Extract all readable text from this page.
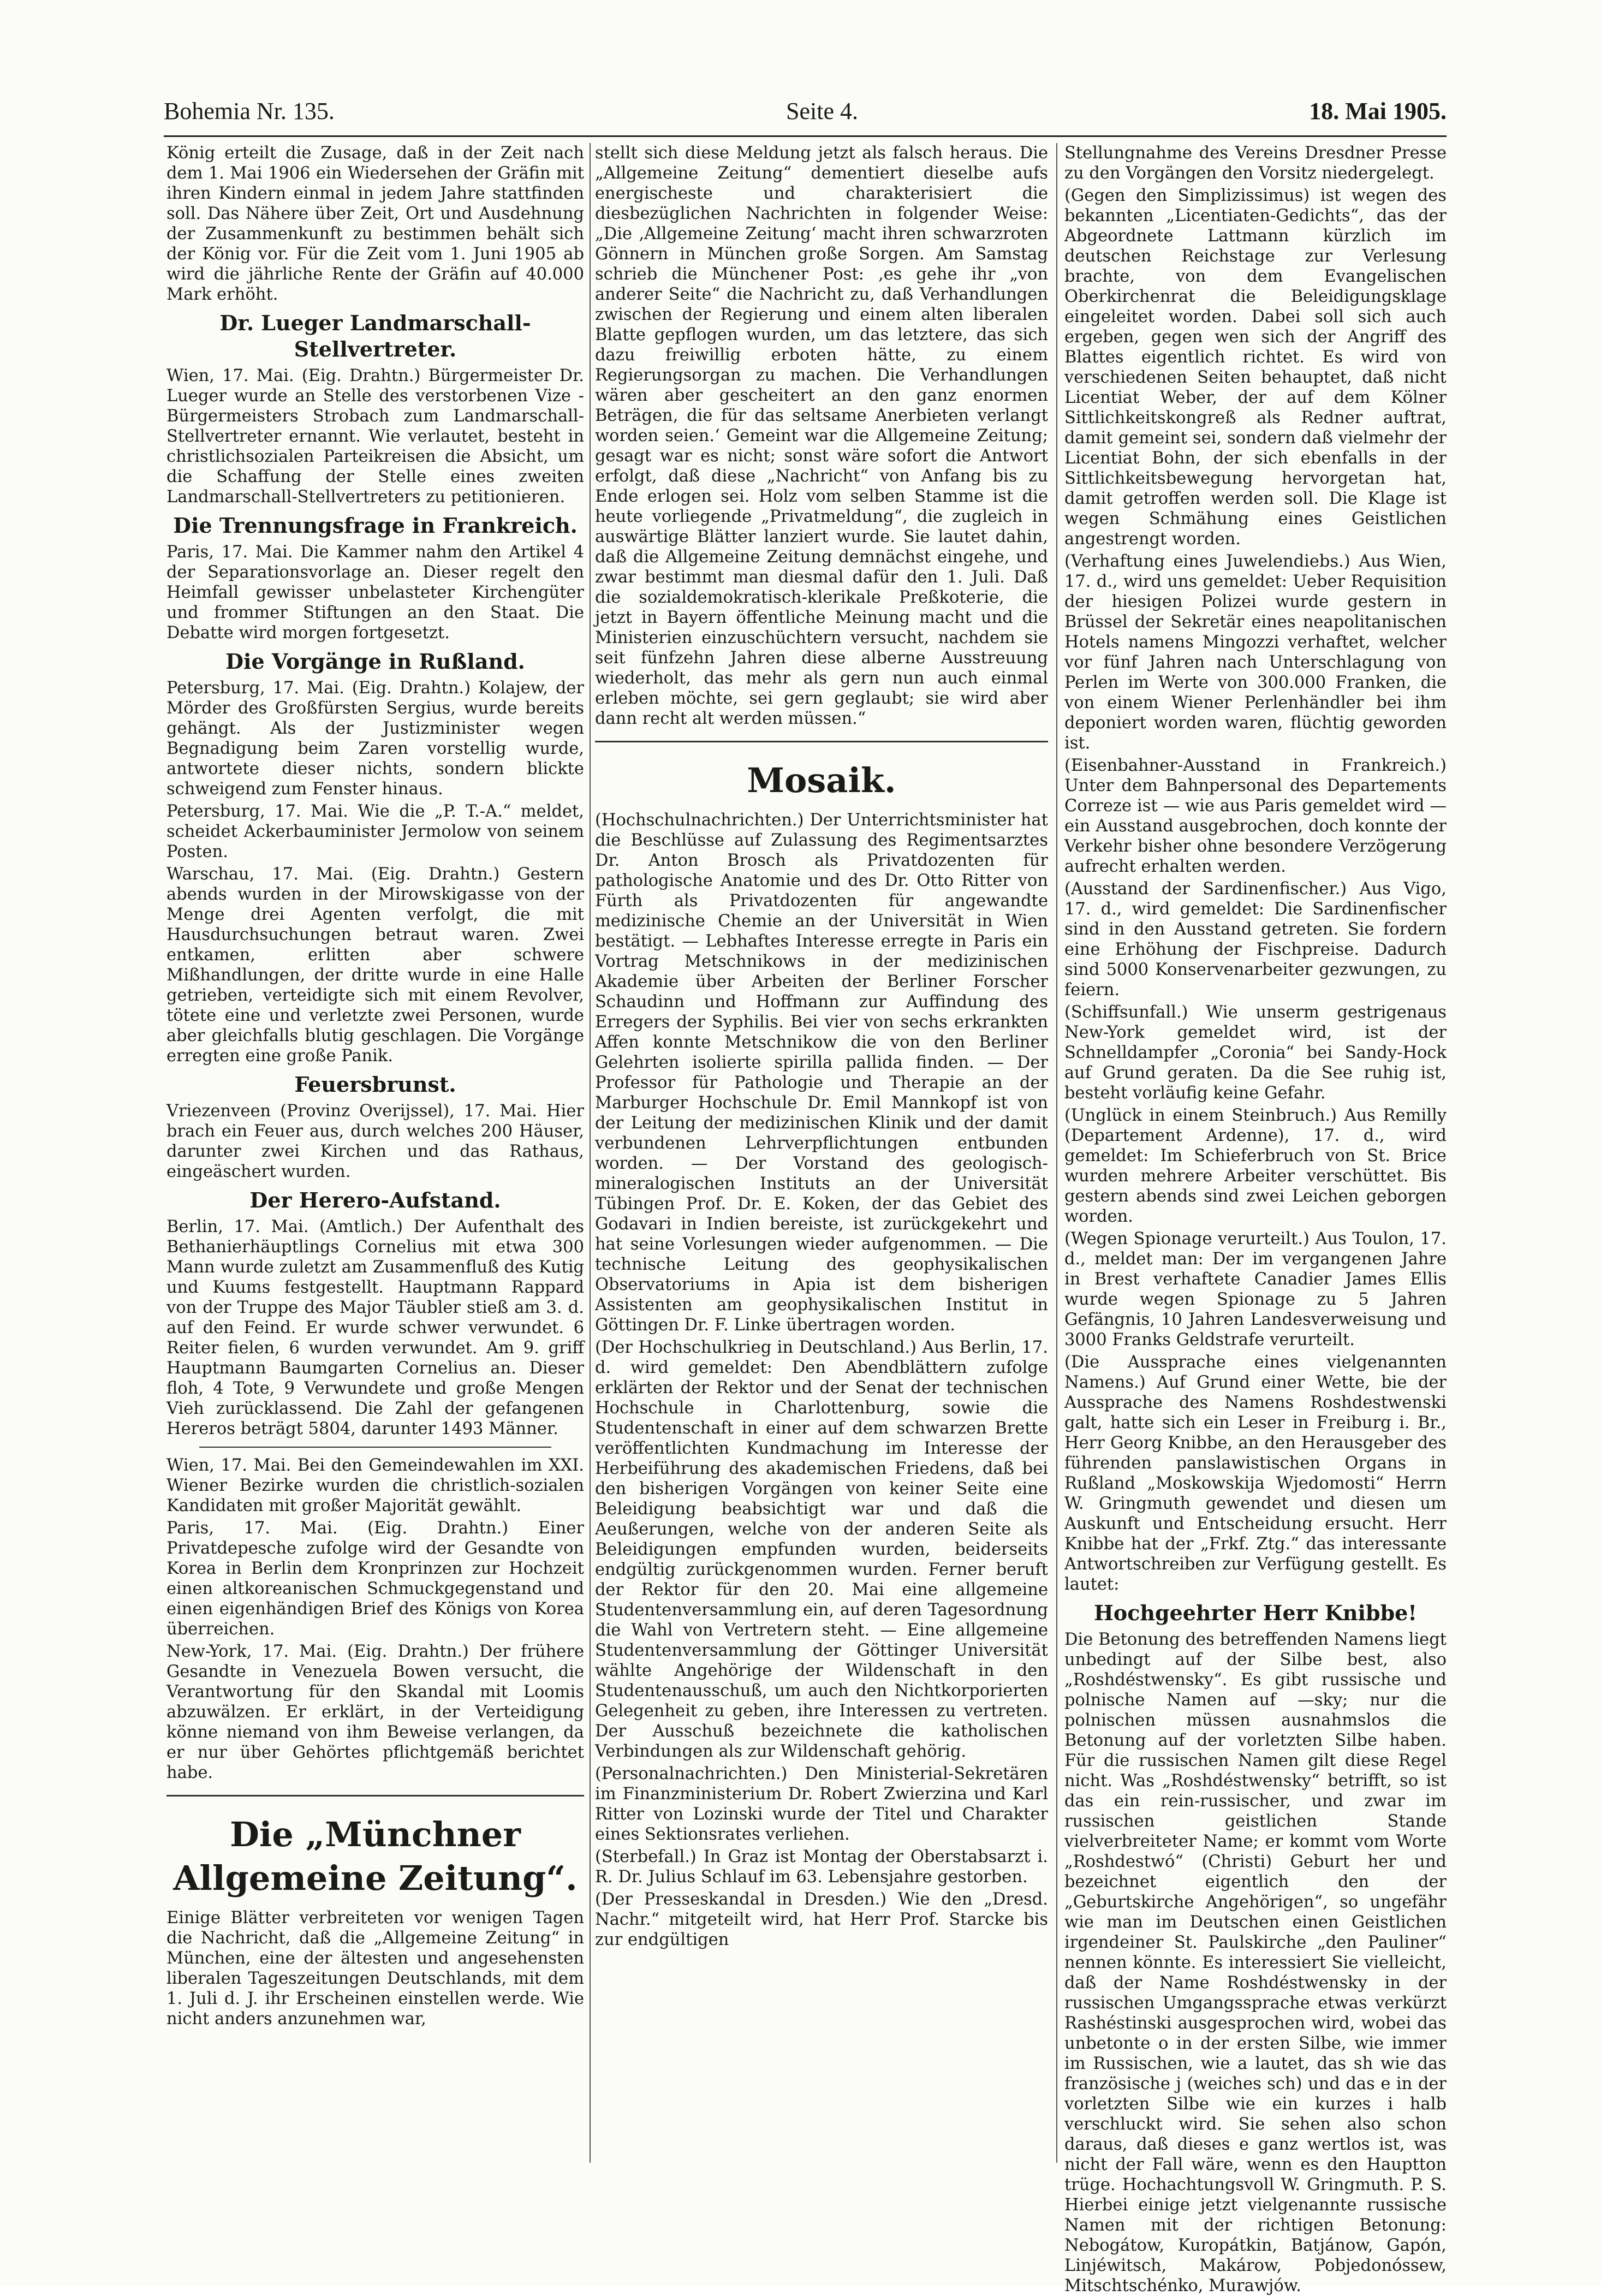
Bohemia Nr. 135.	Seite 4.	18. Mai 1905.

König erteilt die Zusage, daß in der Zeit nach dem 1. Mai 1906 ein Wiedersehen der Gräfin mit ihren Kindern einmal in jedem Jahre stattfinden soll. Das Nähere über Zeit, Ort und Ausdehnung der Zusammenkunft zu bestimmen behält sich der König vor. Für die Zeit vom 1. Juni 1905 ab wird die jährliche Rente der Gräfin auf 40.000 Mark erhöht.

Dr. Lueger Landmarschall-Stellvertreter.

Wien, 17. Mai. (Eig. Drahtn.) Bürgermeister Dr. Lueger wurde an Stelle des verstorbenen Vize - Bürgermeisters Strobach zum Landmarschall-Stellvertreter ernannt. Wie verlautet, besteht in christlichsozialen Parteikreisen die Absicht, um die Schaffung der Stelle eines zweiten Landmarschall-Stellvertreters zu petitionieren.

Die Trennungsfrage in Frankreich.

Paris, 17. Mai. Die Kammer nahm den Artikel 4 der Separationsvorlage an. Dieser regelt den Heimfall gewisser unbelasteter Kirchengüter und frommer Stiftungen an den Staat. Die Debatte wird morgen fortgesetzt.

Die Vorgänge in Rußland.

Petersburg, 17. Mai. (Eig. Drahtn.) Kolajew, der Mörder des Großfürsten Sergius, wurde bereits gehängt. Als der Justizminister wegen Begnadigung beim Zaren vorstellig wurde, antwortete dieser nichts, sondern blickte schweigend zum Fenster hinaus.

Petersburg, 17. Mai. Wie die „P. T.-A.“ meldet, scheidet Ackerbauminister Jermolow von seinem Posten.

Warschau, 17. Mai. (Eig. Drahtn.) Gestern abends wurden in der Mirowskigasse von der Menge drei Agenten verfolgt, die mit Hausdurchsuchungen betraut waren. Zwei entkamen, erlitten aber schwere Mißhandlungen, der dritte wurde in eine Halle getrieben, verteidigte sich mit einem Revolver, tötete eine und verletzte zwei Personen, wurde aber gleichfalls blutig geschlagen. Die Vorgänge erregten eine große Panik.

Feuersbrunst.

Vriezenveen (Provinz Overijssel), 17. Mai. Hier brach ein Feuer aus, durch welches 200 Häuser, darunter zwei Kirchen und das Rathaus, eingeäschert wurden.

Der Herero-Aufstand.

Berlin, 17. Mai. (Amtlich.) Der Aufenthalt des Bethanierhäuptlings Cornelius mit etwa 300 Mann wurde zuletzt am Zusammenfluß des Kutig und Kuums festgestellt. Hauptmann Rappard von der Truppe des Major Täubler stieß am 3. d. auf den Feind. Er wurde schwer verwundet. 6 Reiter fielen, 6 wurden verwundet. Am 9. griff Hauptmann Baumgarten Cornelius an. Dieser floh, 4 Tote, 9 Verwundete und große Mengen Vieh zurücklassend. Die Zahl der gefangenen Hereros beträgt 5804, darunter 1493 Männer.

Wien, 17. Mai. Bei den Gemeindewahlen im XXI. Wiener Bezirke wurden die christlich-sozialen Kandidaten mit großer Majorität gewählt.

Paris, 17. Mai. (Eig. Drahtn.) Einer Privatdepesche zufolge wird der Gesandte von Korea in Berlin dem Kronprinzen zur Hochzeit einen altkoreanischen Schmuckgegenstand und einen eigenhändigen Brief des Königs von Korea überreichen.

New-York, 17. Mai. (Eig. Drahtn.) Der frühere Gesandte in Venezuela Bowen versucht, die Verantwortung für den Skandal mit Loomis abzuwälzen. Er erklärt, in der Verteidigung könne niemand von ihm Beweise verlangen, da er nur über Gehörtes pflichtgemäß berichtet habe.

Die „Münchner Allgemeine Zeitung“.

Einige Blätter verbreiteten vor wenigen Tagen die Nachricht, daß die „Allgemeine Zeitung“ in München, eine der ältesten und angesehensten liberalen Tageszeitungen Deutschlands, mit dem 1. Juli d. J. ihr Erscheinen einstellen werde. Wie nicht anders anzunehmen war,

stellt sich diese Meldung jetzt als falsch heraus. Die „Allgemeine Zeitung“ dementiert dieselbe aufs energischeste und charakterisiert die diesbezüglichen Nachrichten in folgender Weise: „Die ‚Allgemeine Zeitung‘ macht ihren schwarzroten Gönnern in München große Sorgen. Am Samstag schrieb die Münchener Post: ‚es gehe ihr „von anderer Seite“ die Nachricht zu, daß Verhandlungen zwischen der Regierung und einem alten liberalen Blatte gepflogen wurden, um das letztere, das sich dazu freiwillig erboten hätte, zu einem Regierungsorgan zu machen. Die Verhandlungen wären aber gescheitert an den ganz enormen Beträgen, die für das seltsame Anerbieten verlangt worden seien.‘ Gemeint war die Allgemeine Zeitung; gesagt war es nicht; sonst wäre sofort die Antwort erfolgt, daß diese „Nachricht“ von Anfang bis zu Ende erlogen sei. Holz vom selben Stamme ist die heute vorliegende „Privatmeldung“, die zugleich in auswärtige Blätter lanziert wurde. Sie lautet dahin, daß die Allgemeine Zeitung demnächst eingehe, und zwar bestimmt man diesmal dafür den 1. Juli. Daß die sozialdemokratisch-klerikale Preßkoterie, die jetzt in Bayern öffentliche Meinung macht und die Ministerien einzuschüchtern versucht, nachdem sie seit fünfzehn Jahren diese alberne Ausstreuung wiederholt, das mehr als gern nun auch einmal erleben möchte, sei gern geglaubt; sie wird aber dann recht alt werden müssen.“

Mosaik.

(Hochschulnachrichten.) Der Unterrichtsminister hat die Beschlüsse auf Zulassung des Regimentsarztes Dr. Anton Brosch als Privatdozenten für pathologische Anatomie und des Dr. Otto Ritter von Fürth als Privatdozenten für angewandte medizinische Chemie an der Universität in Wien bestätigt. — Lebhaftes Interesse erregte in Paris ein Vortrag Metschnikows in der medizinischen Akademie über Arbeiten der Berliner Forscher Schaudinn und Hoffmann zur Auffindung des Erregers der Syphilis. Bei vier von sechs erkrankten Affen konnte Metschnikow die von den Berliner Gelehrten isolierte spirilla pallida finden. — Der Professor für Pathologie und Therapie an der Marburger Hochschule Dr. Emil Mannkopf ist von der Leitung der medizinischen Klinik und der damit verbundenen Lehrverpflichtungen entbunden worden. — Der Vorstand des geologisch-mineralogischen Instituts an der Universität Tübingen Prof. Dr. E. Koken, der das Gebiet des Godavari in Indien bereiste, ist zurückgekehrt und hat seine Vorlesungen wieder aufgenommen. — Die technische Leitung des geophysikalischen Observatoriums in Apia ist dem bisherigen Assistenten am geophysikalischen Institut in Göttingen Dr. F. Linke übertragen worden.

(Der Hochschulkrieg in Deutschland.) Aus Berlin, 17. d. wird gemeldet: Den Abendblättern zufolge erklärten der Rektor und der Senat der technischen Hochschule in Charlottenburg, sowie die Studentenschaft in einer auf dem schwarzen Brette veröffentlichten Kundmachung im Interesse der Herbeiführung des akademischen Friedens, daß bei den bisherigen Vorgängen von keiner Seite eine Beleidigung beabsichtigt war und daß die Aeußerungen, welche von der anderen Seite als Beleidigungen empfunden wurden, beiderseits endgültig zurückgenommen wurden. Ferner beruft der Rektor für den 20. Mai eine allgemeine Studentenversammlung ein, auf deren Tagesordnung die Wahl von Vertretern steht. — Eine allgemeine Studentenversammlung der Göttinger Universität wählte Angehörige der Wildenschaft in den Studentenausschuß, um auch den Nichtkorporierten Gelegenheit zu geben, ihre Interessen zu vertreten. Der Ausschuß bezeichnete die katholischen Verbindungen als zur Wildenschaft gehörig.

(Personalnachrichten.) Den Ministerial-Sekretären im Finanzministerium Dr. Robert Zwierzina und Karl Ritter von Lozinski wurde der Titel und Charakter eines Sektionsrates verliehen.

(Sterbefall.) In Graz ist Montag der Oberstabsarzt i. R. Dr. Julius Schlauf im 63. Lebensjahre gestorben.

(Der Presseskandal in Dresden.) Wie den „Dresd. Nachr.“ mitgeteilt wird, hat Herr Prof. Starcke bis zur endgültigen

Stellungnahme des Vereins Dresdner Presse zu den Vorgängen den Vorsitz niedergelegt.

(Gegen den Simplizissimus) ist wegen des bekannten „Licentiaten-Gedichts“, das der Abgeordnete Lattmann kürzlich im deutschen Reichstage zur Verlesung brachte, von dem Evangelischen Oberkirchenrat die Beleidigungsklage eingeleitet worden. Dabei soll sich auch ergeben, gegen wen sich der Angriff des Blattes eigentlich richtet. Es wird von verschiedenen Seiten behauptet, daß nicht Licentiat Weber, der auf dem Kölner Sittlichkeitskongreß als Redner auftrat, damit gemeint sei, sondern daß vielmehr der Licentiat Bohn, der sich ebenfalls in der Sittlichkeitsbewegung hervorgetan hat, damit getroffen werden soll. Die Klage ist wegen Schmähung eines Geistlichen angestrengt worden.

(Verhaftung eines Juwelendiebs.) Aus Wien, 17. d., wird uns gemeldet: Ueber Requisition der hiesigen Polizei wurde gestern in Brüssel der Sekretär eines neapolitanischen Hotels namens Mingozzi verhaftet, welcher vor fünf Jahren nach Unterschlagung von Perlen im Werte von 300.000 Franken, die von einem Wiener Perlenhändler bei ihm deponiert worden waren, flüchtig geworden ist.

(Eisenbahner-Ausstand in Frankreich.) Unter dem Bahnpersonal des Departements Correze ist — wie aus Paris gemeldet wird — ein Ausstand ausgebrochen, doch konnte der Verkehr bisher ohne besondere Verzögerung aufrecht erhalten werden.

(Ausstand der Sardinenfischer.) Aus Vigo, 17. d., wird gemeldet: Die Sardinenfischer sind in den Ausstand getreten. Sie fordern eine Erhöhung der Fischpreise. Dadurch sind 5000 Konservenarbeiter gezwungen, zu feiern.

(Schiffsunfall.) Wie unserm gestrigenaus New-York gemeldet wird, ist der Schnelldampfer „Coronia“ bei Sandy-Hock auf Grund geraten. Da die See ruhig ist, besteht vorläufig keine Gefahr.

(Unglück in einem Steinbruch.) Aus Remilly (Departement Ardenne), 17. d., wird gemeldet: Im Schieferbruch von St. Brice wurden mehrere Arbeiter verschüttet. Bis gestern abends sind zwei Leichen geborgen worden.

(Wegen Spionage verurteilt.) Aus Toulon, 17. d., meldet man: Der im vergangenen Jahre in Brest verhaftete Canadier James Ellis wurde wegen Spionage zu 5 Jahren Gefängnis, 10 Jahren Landesverweisung und 3000 Franks Geldstrafe verurteilt.

(Die Aussprache eines vielgenannten Namens.) Auf Grund einer Wette, bie der Aussprache des Namens Roshdestwenski galt, hatte sich ein Leser in Freiburg i. Br., Herr Georg Knibbe, an den Herausgeber des führenden panslawistischen Organs in Rußland „Moskowskija Wjedomosti“ Herrn W. Gringmuth gewendet und diesen um Auskunft und Entscheidung ersucht. Herr Knibbe hat der „Frkf. Ztg.“ das interessante Antwortschreiben zur Verfügung gestellt. Es lautet:

Hochgeehrter Herr Knibbe!

Die Betonung des betreffenden Namens liegt unbedingt auf der Silbe best, also „Roshdéstwensky“. Es gibt russische und polnische Namen auf —sky; nur die polnischen müssen ausnahmslos die Betonung auf der vorletzten Silbe haben. Für die russischen Namen gilt diese Regel nicht. Was „Roshdéstwensky“ betrifft, so ist das ein rein-russischer, und zwar im russischen geistlichen Stande vielverbreiteter Name; er kommt vom Worte „Roshdestwó“ (Christi) Geburt her und bezeichnet eigentlich den der „Geburtskirche Angehörigen“, so ungefähr wie man im Deutschen einen Geistlichen irgendeiner St. Paulskirche „den Pauliner“ nennen könnte. Es interessiert Sie vielleicht, daß der Name Roshdéstwensky in der russischen Umgangssprache etwas verkürzt Rashéstinski ausgesprochen wird, wobei das unbetonte o in der ersten Silbe, wie immer im Russischen, wie a lautet, das sh wie das französische j (weiches sch) und das e in der vorletzten Silbe wie ein kurzes i halb verschluckt wird. Sie sehen also schon daraus, daß dieses e ganz wertlos ist, was nicht der Fall wäre, wenn es den Hauptton trüge. Hochachtungsvoll W. Gringmuth. P. S. Hierbei einige jetzt vielgenannte russische Namen mit der richtigen Betonung: Nebogátow, Kuropátkin, Batjánow, Gapón, Linjéwitsch, Makárow, Pobjedonóssew, Mitschtschénko, Murawjów.
